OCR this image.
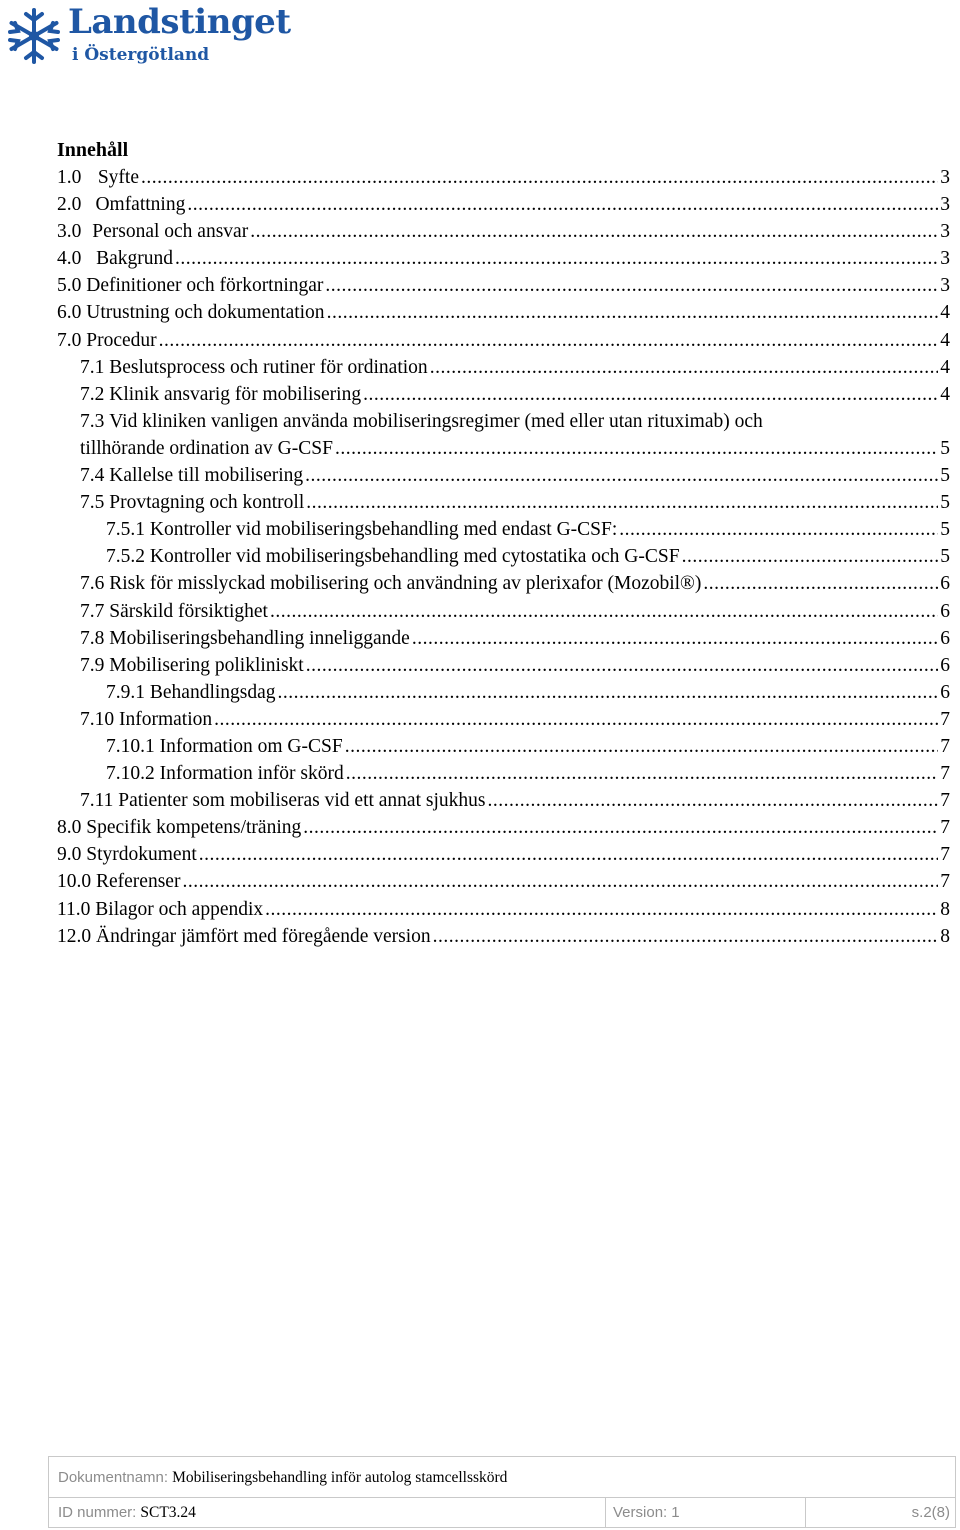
Landstinget
i Östergötland
Innehåll
1.0 Syfte .....	3
2.0 Omfattning .....	3
3.0 Personal och ansvar .....	3
4.0 Bakgrund .....	3
5.0
Definitioner och förkortningar .....	3
6.0
Utrustning och dokumentation .....	4
7.0
Procedur .....	4
7.1
Beslutsprocess och rutiner för ordination .....	4
7.2
Klinik ansvarig för mobilisering .....	4
7.3
Vid kliniken vanligen använda mobiliseringsregimer (med eller utan rituximab) och
tillhörande ordination av G-CSF .....	5
7.4
Kallelse till mobilisering .....	5
7.5
Provtagning och kontroll .....	5
7.5.1
Kontroller vid mobiliseringsbehandling med endast G-CSF: .....	5
7.5.2
Kontroller vid mobiliseringsbehandling med cytostatika och G-CSF .....	5
7.6
Risk för misslyckad mobilisering och användning av plerixafor (Mozobil®) .....	6
7.7
Särskild försiktighet .....	6
7.8
Mobiliseringsbehandling inneliggande .....	6
7.9
Mobilisering polikliniskt .....	6
7.9.1
Behandlingsdag .....	6
7.10
Information .....	7
7.10.1
Information om G-CSF .....	7
7.10.2
Information inför skörd .....	7
7.11
Patienter som mobiliseras vid ett annat sjukhus .....	7
8.0
Specifik kompetens/träning .....	7
9.0
Styrdokument .....	7
10.0
Referenser .....	7
11.0
Bilagor och appendix .....	8
12.0
Ändringar jämfört med föregående version .....	8
Dokumentnamn: Mobiliseringsbehandling inför autolog stamcellsskörd
ID nummer: SCT3.24	Version: 1	s.2(8)
